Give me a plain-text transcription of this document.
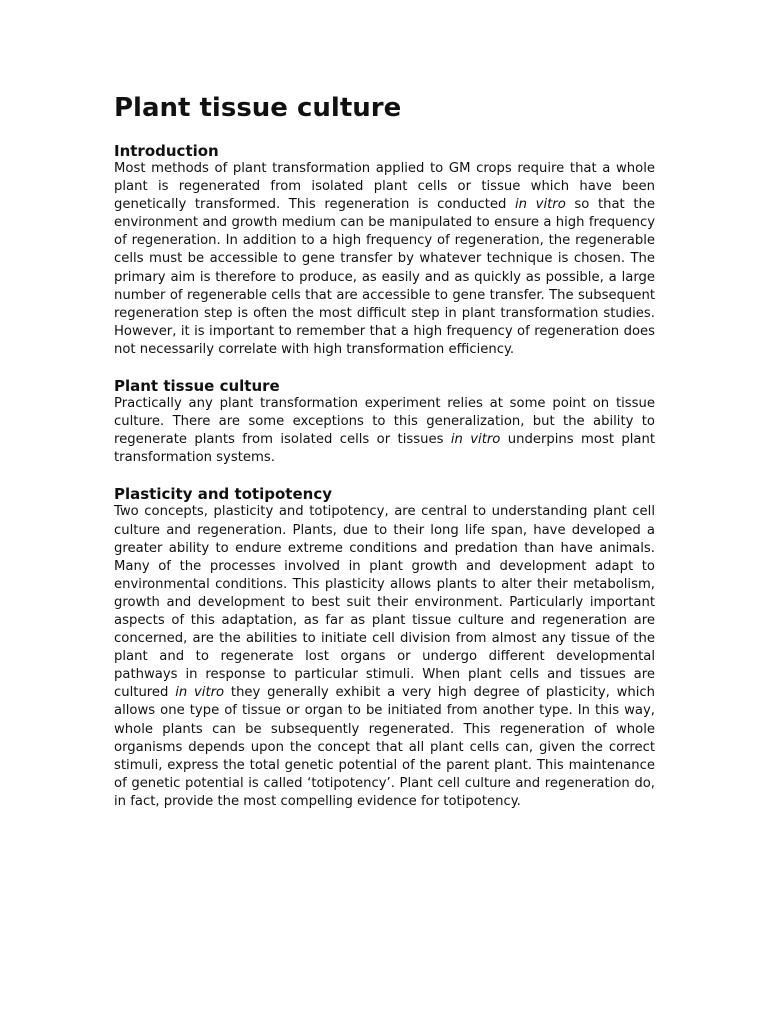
Plant tissue culture
Introduction

Most methods of plant transformation applied to GM crops require that a whole plant is regenerated from isolated plant cells or tissue which have been genetically transformed. This regeneration is conducted in vitro so that the environment and growth medium can be manipulated to ensure a high frequency of regeneration. In addition to a high frequency of regeneration, the regenerable cells must be accessible to gene transfer by whatever technique is chosen. The primary aim is therefore to produce, as easily and as quickly as possible, a large number of regenerable cells that are accessible to gene transfer. The subsequent regeneration step is often the most difficult step in plant transformation studies. However, it is important to remember that a high frequency of regeneration does not necessarily correlate with high transformation efficiency.

Plant tissue culture

Practically any plant transformation experiment relies at some point on tissue culture. There are some exceptions to this generalization, but the ability to regenerate plants from isolated cells or tissues in vitro underpins most plant transformation systems.

Plasticity and totipotency

Two concepts, plasticity and totipotency, are central to understanding plant cell culture and regeneration. Plants, due to their long life span, have developed a greater ability to endure extreme conditions and predation than have animals. Many of the processes involved in plant growth and development adapt to environmental conditions. This plasticity allows plants to alter their metabolism, growth and development to best suit their environment. Particularly important aspects of this adaptation, as far as plant tissue culture and regeneration are concerned, are the abilities to initiate cell division from almost any tissue of the plant and to regenerate lost organs or undergo different developmental pathways in response to particular stimuli. When plant cells and tissues are cultured in vitro they generally exhibit a very high degree of plasticity, which allows one type of tissue or organ to be initiated from another type. In this way, whole plants can be subsequently regenerated. This regeneration of whole organisms depends upon the concept that all plant cells can, given the correct stimuli, express the total genetic potential of the parent plant. This maintenance of genetic potential is called ‘totipotency’. Plant cell culture and regeneration do, in fact, provide the most compelling evidence for totipotency.
